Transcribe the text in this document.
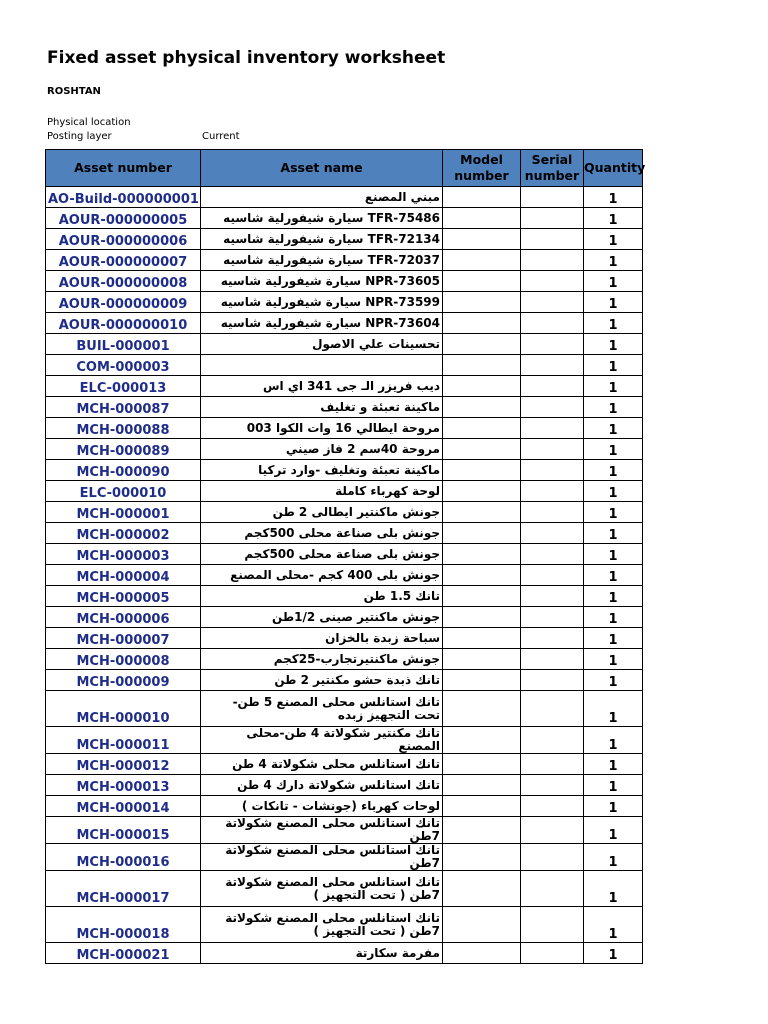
Fixed asset physical inventory worksheet
ROSHTAN
Physical location
Posting layer	Current
Asset number	Asset name	Model number	Serial number	Quantity
AO-Build-000000001	مبني المصنع			1
AOUR-000000005	TFR-75486 سيارة شيفورلية شاسيه			1
AOUR-000000006	TFR-72134 سيارة شيفورلية شاسيه			1
AOUR-000000007	TFR-72037 سيارة شيفورلية شاسيه			1
AOUR-000000008	NPR-73605 سيارة شيفورلية شاسيه			1
AOUR-000000009	NPR-73599 سيارة شيفورلية شاسيه			1
AOUR-000000010	NPR-73604 سيارة شيفورلية شاسيه			1
BUIL-000001	تحسينات علي الاصول			1
COM-000003				1
ELC-000013	ديب فريزر الـ جى 341 اي اس			1
MCH-000087	ماكينة تعبئة و تغليف			1
MCH-000088	مروحة ايطالي 16 وات الكوا 003			1
MCH-000089	مروحة 40سم 2 فاز صيني			1
MCH-000090	ماكينة تعبئة وتغليف -وارد تركيا			1
ELC-000010	لوحة كهرباء كاملة			1
MCH-000001	جونش ماكنتير ايطالى 2 طن			1
MCH-000002	جونش بلى صناعة محلى 500كجم			1
MCH-000003	جونش بلى صناعة محلى 500كجم			1
MCH-000004	جونش بلى 400 كجم -محلى المصنع			1
MCH-000005	تانك 1.5 طن			1
MCH-000006	جونش ماكنتير صينى 1/2طن			1
MCH-000007	سباحة زبدة بالخزان			1
MCH-000008	جونش ماكنتيرتجارب-25كجم			1
MCH-000009	تانك ذبدة حشو مكنتير 2 طن			1
MCH-000010	تانك استانلس محلى المصنع 5 طن- تحت التجهيز زبده			1
MCH-000011	تانك مكنتير شكولاتة 4 طن-محلى المصنع			1
MCH-000012	تانك استانلس محلى شكولاتة 4 طن			1
MCH-000013	تانك استانلس شكولاتة دارك 4 طن			1
MCH-000014	لوحات كهرباء (جونشات - تانكات )			1
MCH-000015	تانك استانلس محلى المصنع شكولاتة 7طن			1
MCH-000016	تانك استانلس محلى المصنع شكولاتة 7طن			1
MCH-000017	تانك استانلس محلى المصنع شكولاتة 7طن ( تحت التجهيز )			1
MCH-000018	تانك استانلس محلى المصنع شكولاتة 7طن ( تحت التجهيز )			1
MCH-000021	مفرمة سكارتة			1
